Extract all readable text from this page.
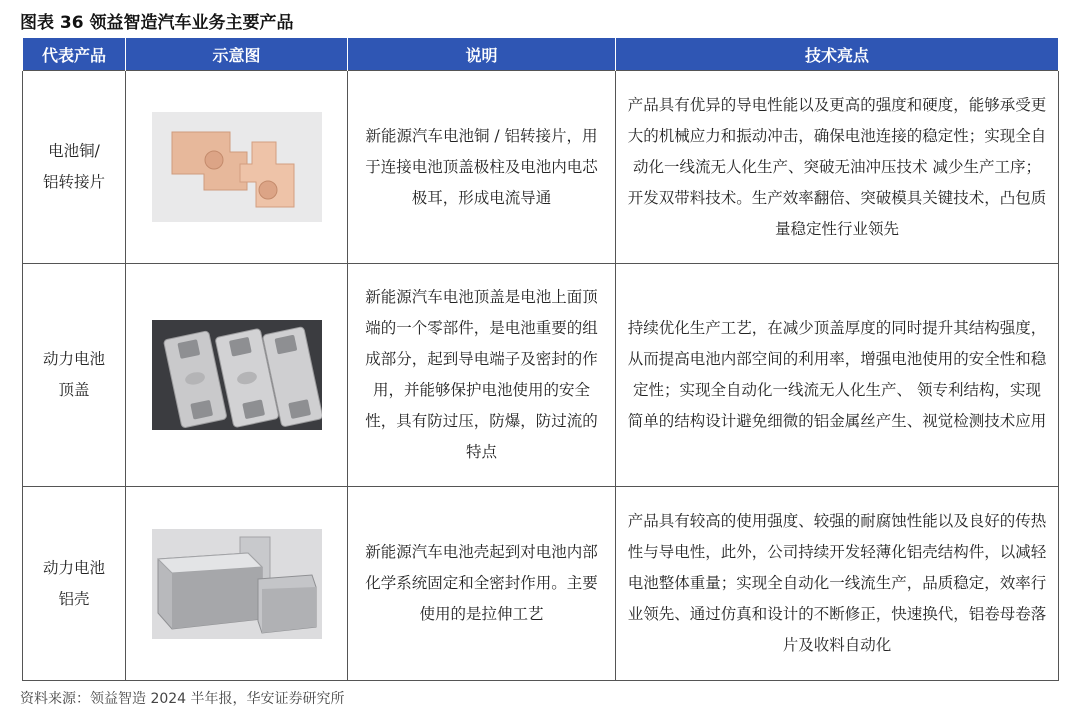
图表 36 领益智造汽车业务主要产品
代表产品	示意图	说明	技术亮点
电池铜/
铝转接片		新能源汽车电池铜 / 铝转接片，用于连接电池顶盖极柱及电池内电芯极耳，形成电流导通	产品具有优异的导电性能以及更高的强度和硬度，能够承受更大的机械应力和振动冲击，确保电池连接的稳定性；实现全自动化一线流无人化生产、突破无油冲压技术 减少生产工序；开发双带料技术。生产效率翻倍、突破模具关键技术，凸包质量稳定性行业领先
动力电池
顶盖		新能源汽车电池顶盖是电池上面顶端的一个零部件，是电池重要的组成部分，起到导电端子及密封的作用，并能够保护电池使用的安全性，具有防过压，防爆，防过流的特点	持续优化生产工艺，在减少顶盖厚度的同时提升其结构强度，从而提高电池内部空间的利用率，增强电池使用的安全性和稳定性；实现全自动化一线流无人化生产、 领专利结构，实现简单的结构设计避免细微的铝金属丝产生、视觉检测技术应用
动力电池
铝壳		新能源汽车电池壳起到对电池内部化学系统固定和全密封作用。主要使用的是拉伸工艺	产品具有较高的使用强度、较强的耐腐蚀性能以及良好的传热性与导电性，此外，公司持续开发轻薄化铝壳结构件，以减轻电池整体重量；实现全自动化一线流生产，品质稳定，效率行业领先、通过仿真和设计的不断修正，快速换代，铝卷母卷落片及收料自动化
资料来源：领益智造 2024 半年报，华安证券研究所
